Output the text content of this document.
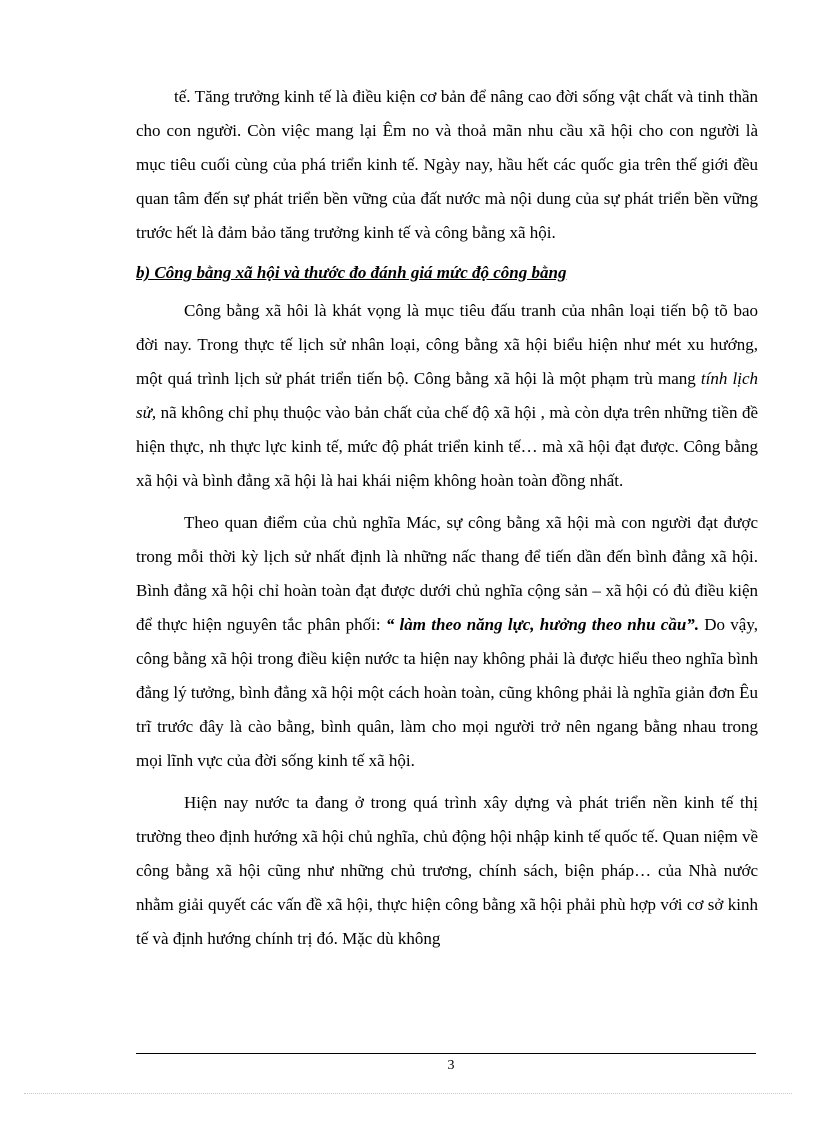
tế. Tăng trưởng kinh tế là điều kiện cơ bản để nâng cao đời sống vật chất và tinh thần cho con người. Còn việc mang lại Êm no và thoả mãn nhu cầu xã hội cho con người là mục tiêu cuối cùng của phá triển kinh tế. Ngày nay, hầu hết các quốc gia trên thế giới đều quan tâm đến sự phát triển bền vững của đất nước mà nội dung của sự phát triển bền vững trước hết là đảm bảo tăng trưởng kinh tế và công bằng xã hội.

b) Công bằng xã hội và thước đo đánh giá mức độ công bằng

Công bằng xã hôi là khát vọng là mục tiêu đấu tranh của nhân loại tiến bộ tõ bao đời nay. Trong thực tế lịch sử nhân loại, công bằng xã hội biểu hiện như mét xu hướng, một quá trình lịch sử phát triển tiến bộ. Công bằng xã hội là một phạm trù mang tính lịch sử, nã không chỉ phụ thuộc vào bản chất của chế độ xã hội , mà còn dựa trên những tiền đề hiện thực, nh thực lực kinh tế, mức độ phát triển kinh tế… mà xã hội đạt được. Công bằng xã hội và bình đẳng xã hội là hai khái niệm không hoàn toàn đồng nhất.

Theo quan điểm của chủ nghĩa Mác, sự công bằng xã hội mà con người đạt được trong mỗi thời kỳ lịch sử nhất định là những nấc thang để tiến dần đến bình đẳng xã hội. Bình đẳng xã hội chỉ hoàn toàn đạt được dưới chủ nghĩa cộng sản – xã hội có đủ điều kiện để thực hiện nguyên tắc phân phối: “ làm theo năng lực, hưởng theo nhu cầu”. Do vậy, công bằng xã hội trong điều kiện nước ta hiện nay không phải là được hiểu theo nghĩa bình đẳng lý tưởng, bình đẳng xã hội một cách hoàn toàn, cũng không phải là nghĩa giản đơn Êu trĩ trước đây là cào bằng, bình quân, làm cho mọi người trở nên ngang bằng nhau trong mọi lĩnh vực của đời sống kinh tế xã hội.

Hiện nay nước ta đang ở trong quá trình xây dựng và phát triển nền kinh tế thị trường theo định hướng xã hội chủ nghĩa, chủ động hội nhập kinh tế quốc tế. Quan niệm về công bằng xã hội cũng như những chủ trương, chính sách, biện pháp… của Nhà nước nhằm giải quyết các vấn đề xã hội, thực hiện công bằng xã hội phải phù hợp với cơ sở kinh tế và định hướng chính trị đó. Mặc dù không

3
